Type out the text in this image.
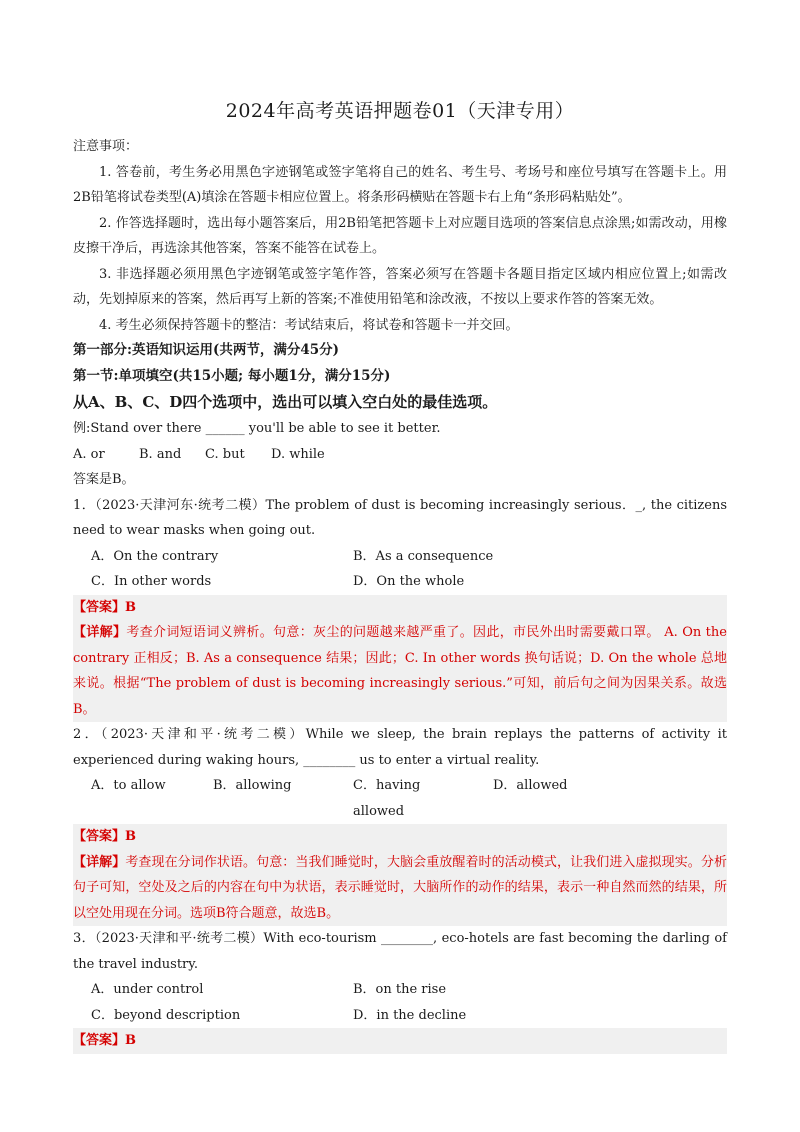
2024年高考英语押题卷01（天津专用）
注意事项：
1. 答卷前，考生务必用黑色字迹钢笔或签字笔将自己的姓名、考生号、考场号和座位号填写在答题卡上。用2B铅笔将试卷类型(A)填涂在答题卡相应位置上。将条形码横贴在答题卡右上角“条形码粘贴处”。
2. 作答选择题时，选出每小题答案后，用2B铅笔把答题卡上对应题目选项的答案信息点涂黑;如需改动，用橡皮擦干净后，再选涂其他答案，答案不能答在试卷上。
3. 非选择题必须用黑色字迹钢笔或签字笔作答，答案必须写在答题卡各题目指定区域内相应位置上;如需改动，先划掉原来的答案，然后再写上新的答案;不准使用铅笔和涂改液，不按以上要求作答的答案无效。
4. 考生必须保持答题卡的整洁：考试结束后，将试卷和答题卡一并交回。
第一部分:英语知识运用(共两节，满分45分)
第一节:单项填空(共15小题; 每小题1分，满分15分)
从A、B、C、D四个选项中，选出可以填入空白处的最佳选项。
例:Stand over there ______ you'll be able to see it better.
A. or	B. and	C. but	D. while
答案是B。
1．（2023·天津河东·统考二模）The problem of dust is becoming increasingly serious．_, the citizens need to wear masks when going out.
A．On the contrary	B．As a consequence
C．In other words	D．On the whole
【答案】B
【详解】考查介词短语词义辨析。句意：灰尘的问题越来越严重了。因此，市民外出时需要戴口罩。 A. On the contrary 正相反；B. As a consequence 结果；因此；C. In other words 换句话说；D. On the whole 总地来说。根据“The problem of dust is becoming increasingly serious.”可知，前后句之间为因果关系。故选B。
2．（2023·天津和平·统考二模）While we sleep, the brain replays the patterns of activity it experienced during waking hours, ________ us to enter a virtual reality.
A．to allow	B．allowing	C．having allowed
D．allowed
【答案】B
【详解】考查现在分词作状语。句意：当我们睡觉时，大脑会重放醒着时的活动模式，让我们进入虚拟现实。分析句子可知，空处及之后的内容在句中为状语，表示睡觉时，大脑所作的动作的结果，表示一种自然而然的结果，所以空处用现在分词。选项B符合题意，故选B。
3．（2023·天津和平·统考二模）With eco-tourism ________, eco-hotels are fast becoming the darling of the travel industry.
A．under control	B．on the rise
C．beyond description	D．in the decline
【答案】B
